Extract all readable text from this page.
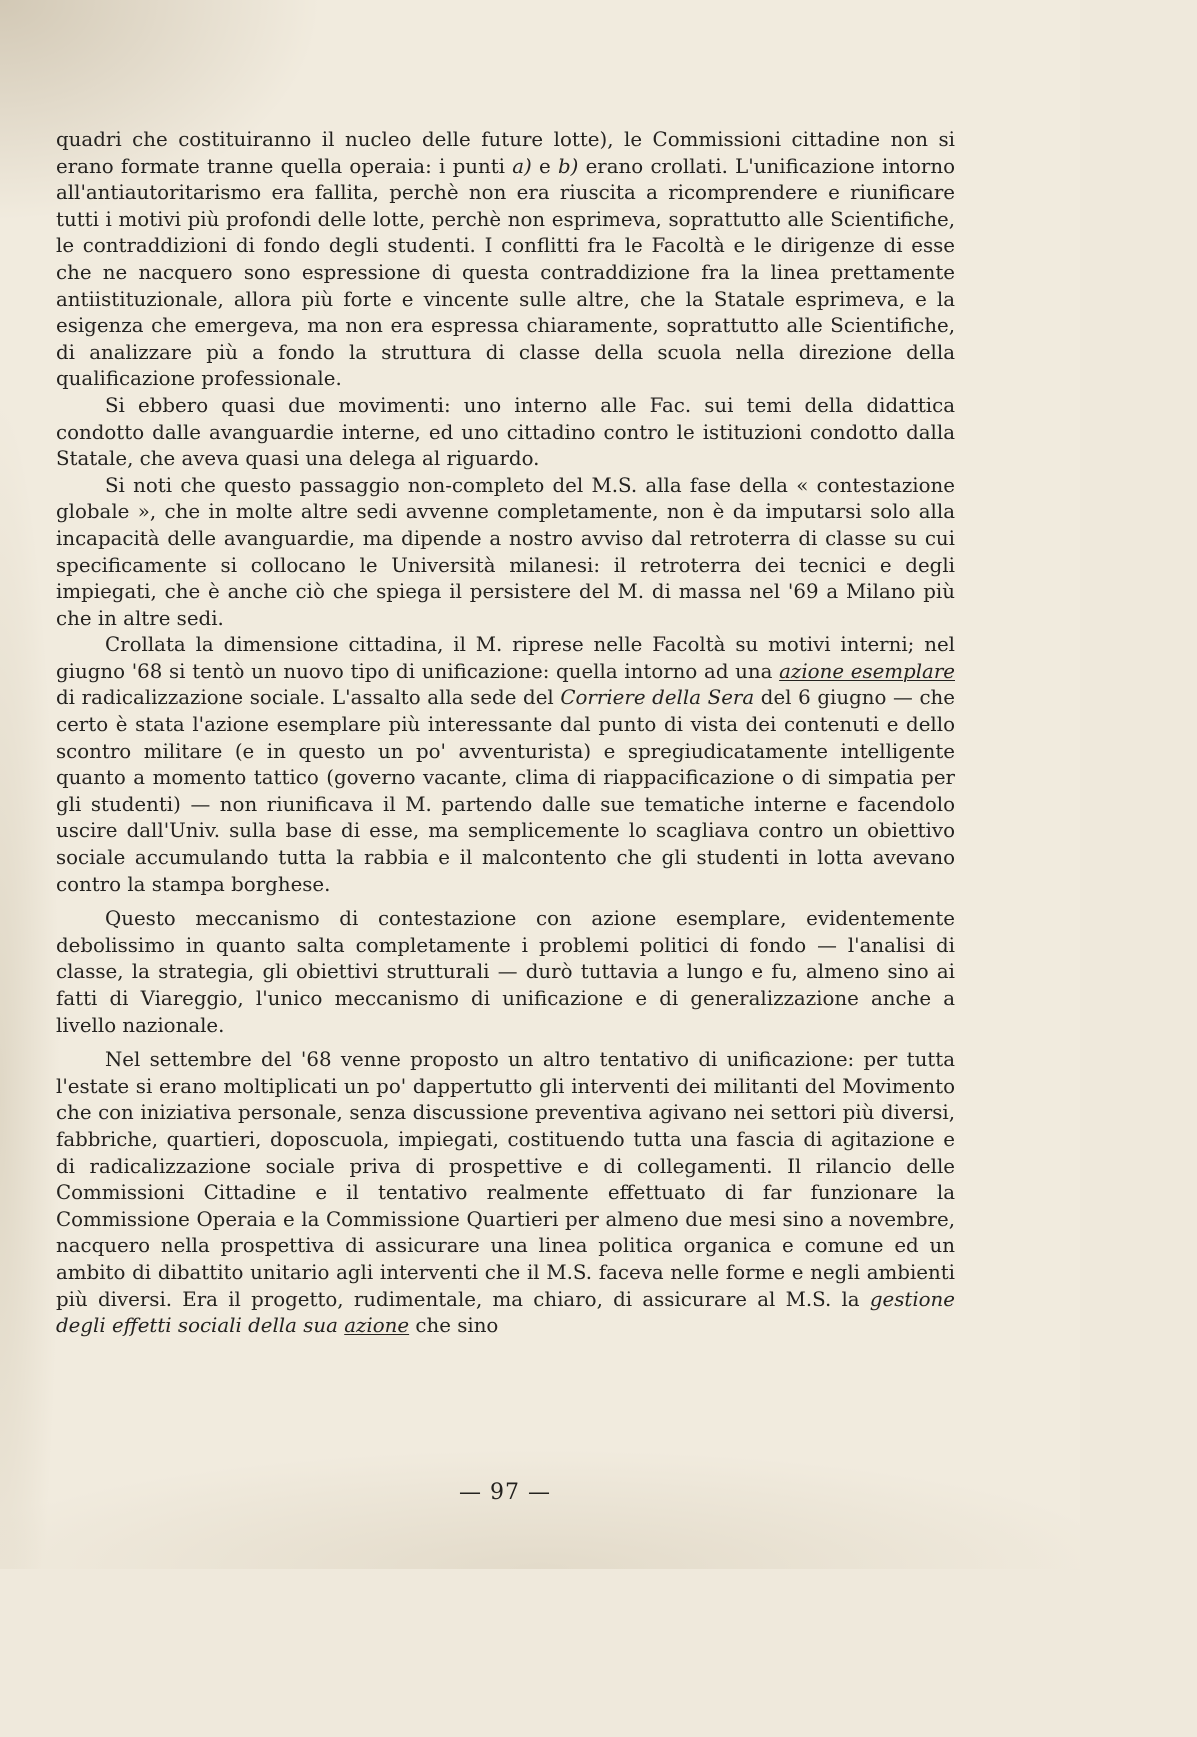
quadri che costituiranno il nucleo delle future lotte), le Commissioni cittadine non si erano formate tranne quella operaia: i punti a) e b) erano crollati. L'unificazione intorno all'antiautoritarismo era fallita, perchè non era riuscita a ricomprendere e riunificare tutti i motivi più profondi delle lotte, perchè non esprimeva, soprattutto alle Scientifiche, le contraddizioni di fondo degli studenti. I conflitti fra le Facoltà e le dirigenze di esse che ne nacquero sono espressione di questa contraddizione fra la linea prettamente antiistituzionale, allora più forte e vincente sulle altre, che la Statale esprimeva, e la esigenza che emergeva, ma non era espressa chiaramente, soprattutto alle Scientifiche, di analizzare più a fondo la struttura di classe della scuola nella direzione della qualificazione professionale.

Si ebbero quasi due movimenti: uno interno alle Fac. sui temi della didattica condotto dalle avanguardie interne, ed uno cittadino contro le istituzioni condotto dalla Statale, che aveva quasi una delega al riguardo.

Si noti che questo passaggio non-completo del M.S. alla fase della « contestazione globale », che in molte altre sedi avvenne completamente, non è da imputarsi solo alla incapacità delle avanguardie, ma dipende a nostro avviso dal retroterra di classe su cui specificamente si collocano le Università milanesi: il retroterra dei tecnici e degli impiegati, che è anche ciò che spiega il persistere del M. di massa nel '69 a Milano più che in altre sedi.

Crollata la dimensione cittadina, il M. riprese nelle Facoltà su motivi interni; nel giugno '68 si tentò un nuovo tipo di unificazione: quella intorno ad una azione esemplare di radicalizzazione sociale. L'assalto alla sede del Corriere della Sera del 6 giugno — che certo è stata l'azione esemplare più interessante dal punto di vista dei contenuti e dello scontro militare (e in questo un po' avventurista) e spregiudicatamente intelligente quanto a momento tattico (governo vacante, clima di riappacificazione o di simpatia per gli studenti) — non riunificava il M. partendo dalle sue tematiche interne e facendolo uscire dall'Univ. sulla base di esse, ma semplicemente lo scagliava contro un obiettivo sociale accumulando tutta la rabbia e il malcontento che gli studenti in lotta avevano contro la stampa borghese.

Questo meccanismo di contestazione con azione esemplare, evidentemente debolissimo in quanto salta completamente i problemi politici di fondo — l'analisi di classe, la strategia, gli obiettivi strutturali — durò tuttavia a lungo e fu, almeno sino ai fatti di Viareggio, l'unico meccanismo di unificazione e di generalizzazione anche a livello nazionale.

Nel settembre del '68 venne proposto un altro tentativo di unificazione: per tutta l'estate si erano moltiplicati un po' dappertutto gli interventi dei militanti del Movimento che con iniziativa personale, senza discussione preventiva agivano nei settori più diversi, fabbriche, quartieri, doposcuola, impiegati, costituendo tutta una fascia di agitazione e di radicalizzazione sociale priva di prospettive e di collegamenti. Il rilancio delle Commissioni Cittadine e il tentativo realmente effettuato di far funzionare la Commissione Operaia e la Commissione Quartieri per almeno due mesi sino a novembre, nacquero nella prospettiva di assicurare una linea politica organica e comune ed un ambito di dibattito unitario agli interventi che il M.S. faceva nelle forme e negli ambienti più diversi. Era il progetto, rudimentale, ma chiaro, di assicurare al M.S. la gestione degli effetti sociali della sua azione che sino

— 97 —
